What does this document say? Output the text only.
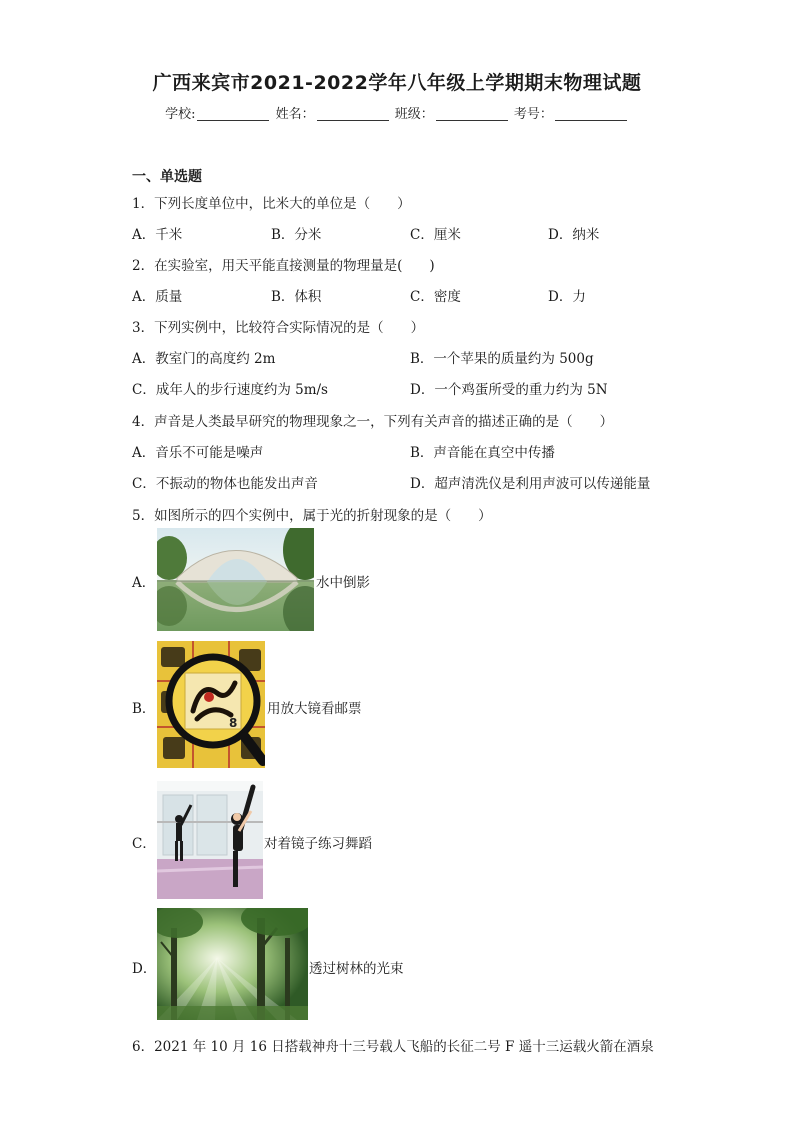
广西来宾市2021-2022学年八年级上学期期末物理试题
学校:	姓名：	班级：	考号：
一、单选题
1．下列长度单位中，比米大的单位是（　　）
A．千米	B．分米	C．厘米	D．纳米
2．在实验室，用天平能直接测量的物理量是(　　)
A．质量	B．体积	C．密度	D．力
3．下列实例中，比较符合实际情况的是（　　）
A．教室门的高度约 2m	B．一个苹果的质量约为 500g
C．成年人的步行速度约为 5m/s	D．一个鸡蛋所受的重力约为 5N
4．声音是人类最早研究的物理现象之一，下列有关声音的描述正确的是（　　）
A．音乐不可能是噪声	B．声音能在真空中传播
C．不振动的物体也能发出声音	D．超声清洗仪是利用声波可以传递能量
5．如图所示的四个实例中，属于光的折射现象的是（　　）
A．	水中倒影
B．
8
用放大镜看邮票
C．	对着镜子练习舞蹈
D．	透过树林的光束
6．2021 年 10 月 16 日搭载神舟十三号载人飞船的长征二号 F 遥十三运载火箭在酒泉
